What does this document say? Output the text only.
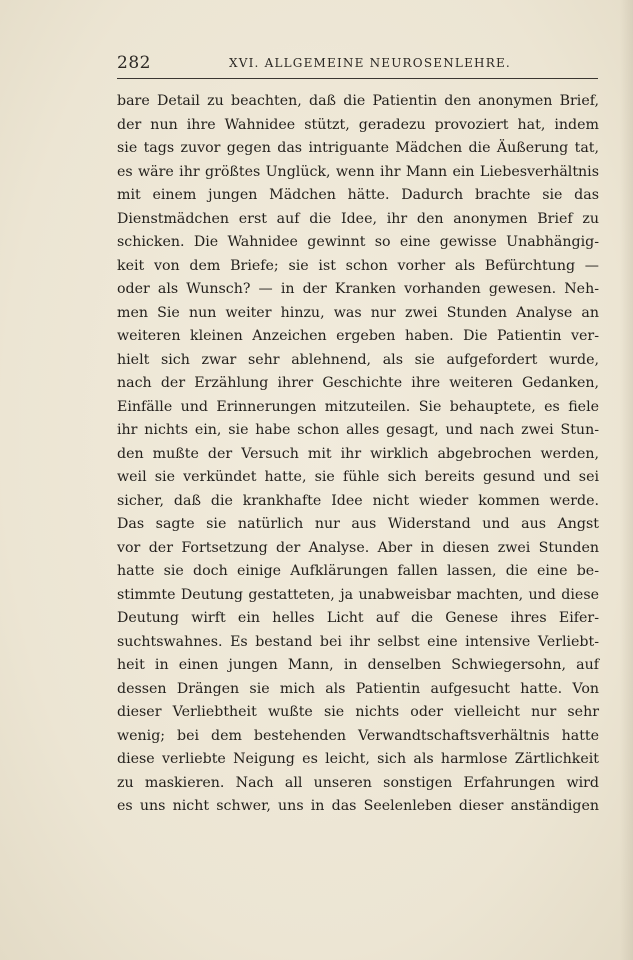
282	XVI. ALLGEMEINE NEUROSENLEHRE.
bare Detail zu beachten, daß die Patientin den anonymen Brief,
der nun ihre Wahnidee stützt, geradezu provoziert hat, indem
sie tags zuvor gegen das intriguante Mädchen die Äußerung tat,
es wäre ihr größtes Unglück, wenn ihr Mann ein Liebesverhältnis
mit einem jungen Mädchen hätte. Dadurch brachte sie das
Dienstmädchen erst auf die Idee, ihr den anonymen Brief zu
schicken. Die Wahnidee gewinnt so eine gewisse Unabhängig-
keit von dem Briefe; sie ist schon vorher als Befürchtung —
oder als Wunsch? — in der Kranken vorhanden gewesen. Neh-
men Sie nun weiter hinzu, was nur zwei Stunden Analyse an
weiteren kleinen Anzeichen ergeben haben. Die Patientin ver-
hielt sich zwar sehr ablehnend, als sie aufgefordert wurde,
nach der Erzählung ihrer Geschichte ihre weiteren Gedanken,
Einfälle und Erinnerungen mitzuteilen. Sie behauptete, es fiele
ihr nichts ein, sie habe schon alles gesagt, und nach zwei Stun-
den mußte der Versuch mit ihr wirklich abgebrochen werden,
weil sie verkündet hatte, sie fühle sich bereits gesund und sei
sicher, daß die krankhafte Idee nicht wieder kommen werde.
Das sagte sie natürlich nur aus Widerstand und aus Angst
vor der Fortsetzung der Analyse. Aber in diesen zwei Stunden
hatte sie doch einige Aufklärungen fallen lassen, die eine be-
stimmte Deutung gestatteten, ja unabweisbar machten, und diese
Deutung wirft ein helles Licht auf die Genese ihres Eifer-
suchtswahnes. Es bestand bei ihr selbst eine intensive Verliebt-
heit in einen jungen Mann, in denselben Schwiegersohn, auf
dessen Drängen sie mich als Patientin aufgesucht hatte. Von
dieser Verliebtheit wußte sie nichts oder vielleicht nur sehr
wenig; bei dem bestehenden Verwandtschaftsverhältnis hatte
diese verliebte Neigung es leicht, sich als harmlose Zärtlichkeit
zu maskieren. Nach all unseren sonstigen Erfahrungen wird
es uns nicht schwer, uns in das Seelenleben dieser anständigen
